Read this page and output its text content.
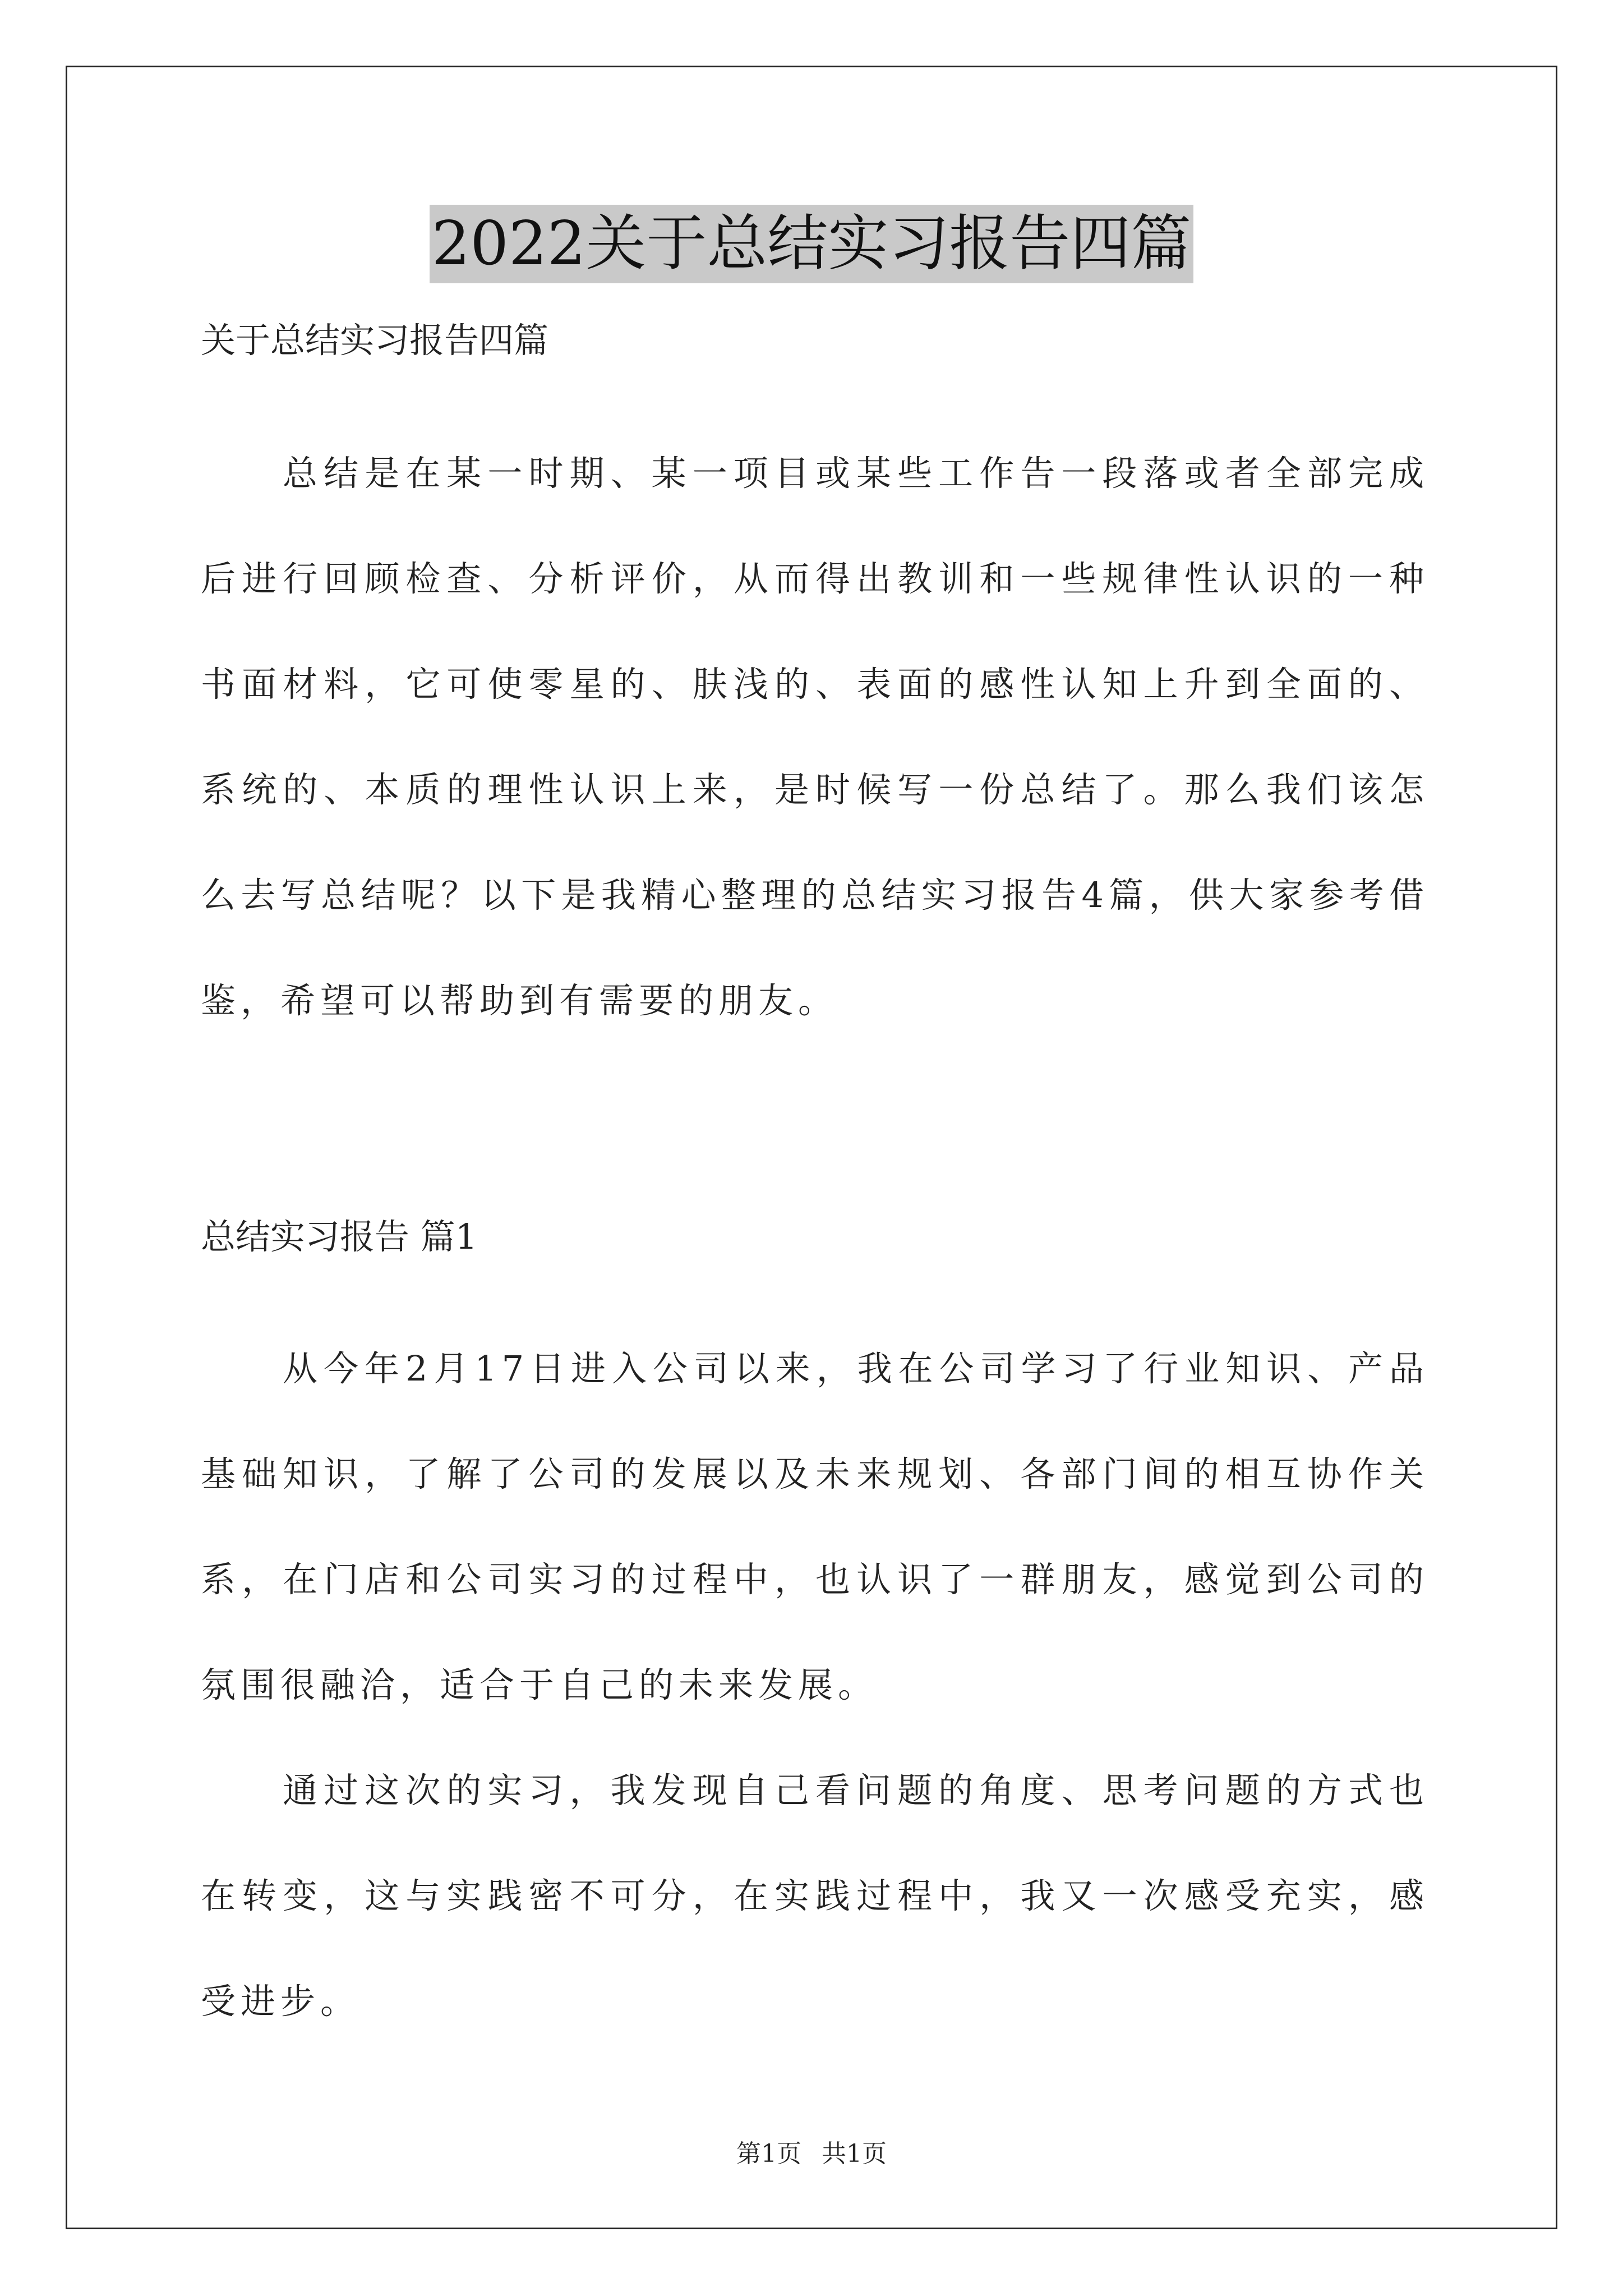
2022关于总结实习报告四篇

关于总结实习报告四篇

总结是在某一时期、某一项目或某些工作告一段落或者全部完成后进行回顾检查、分析评价，从而得出教训和一些规律性认识的一种书面材料，它可使零星的、肤浅的、表面的感性认知上升到全面的、系统的、本质的理性认识上来，是时候写一份总结了。那么我们该怎么去写总结呢？以下是我精心整理的总结实习报告4篇，供大家参考借鉴，希望可以帮助到有需要的朋友。

总结实习报告 篇1

从今年2月17日进入公司以来，我在公司学习了行业知识、产品基础知识，了解了公司的发展以及未来规划、各部门间的相互协作关系，在门店和公司实习的过程中，也认识了一群朋友，感觉到公司的氛围很融洽，适合于自己的未来发展。

通过这次的实习，我发现自己看问题的角度、思考问题的方式也在转变，这与实践密不可分，在实践过程中，我又一次感受充实，感受进步。

第1页 共1页
